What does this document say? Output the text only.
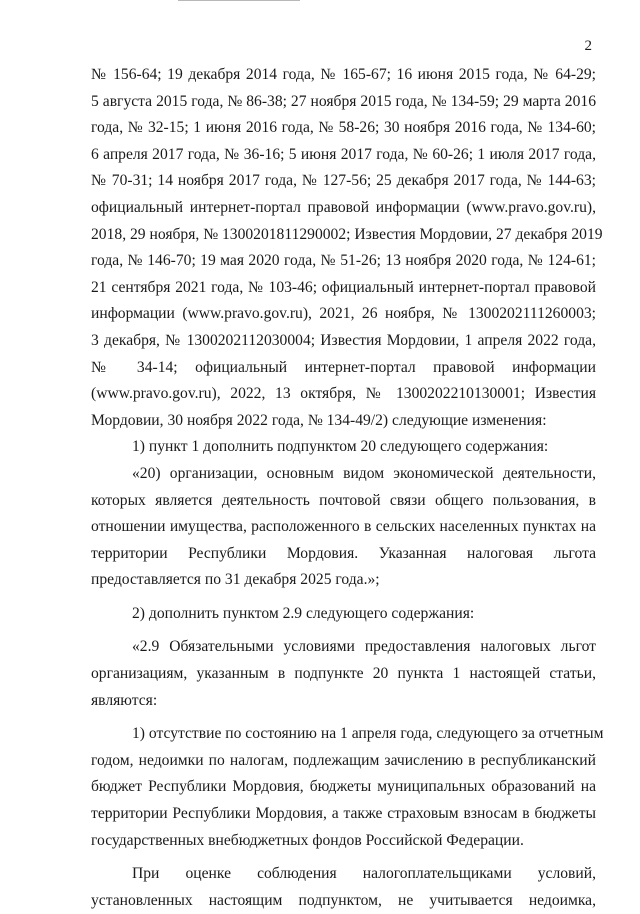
2
№ 156-64; 19 декабря 2014 года, № 165-67; 16 июня 2015 года, № 64-29;
5 августа 2015 года, № 86-38; 27 ноября 2015 года, № 134-59; 29 марта 2016
года, № 32-15; 1 июня 2016 года, № 58-26; 30 ноября 2016 года, № 134-60;
6 апреля 2017 года, № 36-16; 5 июня 2017 года, № 60-26; 1 июля 2017 года,
№ 70-31; 14 ноября 2017 года, № 127-56; 25 декабря 2017 года, № 144-63;
официальный интернет-портал правовой информации (www.pravo.gov.ru),
2018, 29 ноября, № 1300201811290002; Известия Мордовии, 27 декабря 2019
года, № 146-70; 19 мая 2020 года, № 51-26; 13 ноября 2020 года, № 124-61;
21 сентября 2021 года, № 103-46; официальный интернет-портал правовой
информации (www.pravo.gov.ru), 2021, 26 ноября, № 1300202111260003;
3 декабря, № 1300202112030004; Известия Мордовии, 1 апреля 2022 года,
№ 34-14; официальный интернет-портал правовой информации
(www.pravo.gov.ru), 2022, 13 октября, № 1300202210130001; Известия
Мордовии, 30 ноября 2022 года, № 134-49/2) следующие изменения:
1) пункт 1 дополнить подпунктом 20 следующего содержания:
«20) организации, основным видом экономической деятельности,
которых является деятельность почтовой связи общего пользования, в
отношении имущества, расположенного в сельских населенных пунктах на
территории Республики Мордовия. Указанная налоговая льгота
предоставляется по 31 декабря 2025 года.»;
2) дополнить пунктом 2.9 следующего содержания:
«2.9 Обязательными условиями предоставления налоговых льгот
организациям, указанным в подпункте 20 пункта 1 настоящей статьи,
являются:
1) отсутствие по состоянию на 1 апреля года, следующего за отчетным
годом, недоимки по налогам, подлежащим зачислению в республиканский
бюджет Республики Мордовия, бюджеты муниципальных образований на
территории Республики Мордовия, а также страховым взносам в бюджеты
государственных внебюджетных фондов Российской Федерации.
При оценке соблюдения налогоплательщиками условий,
установленных настоящим подпунктом, не учитывается недоимка,
